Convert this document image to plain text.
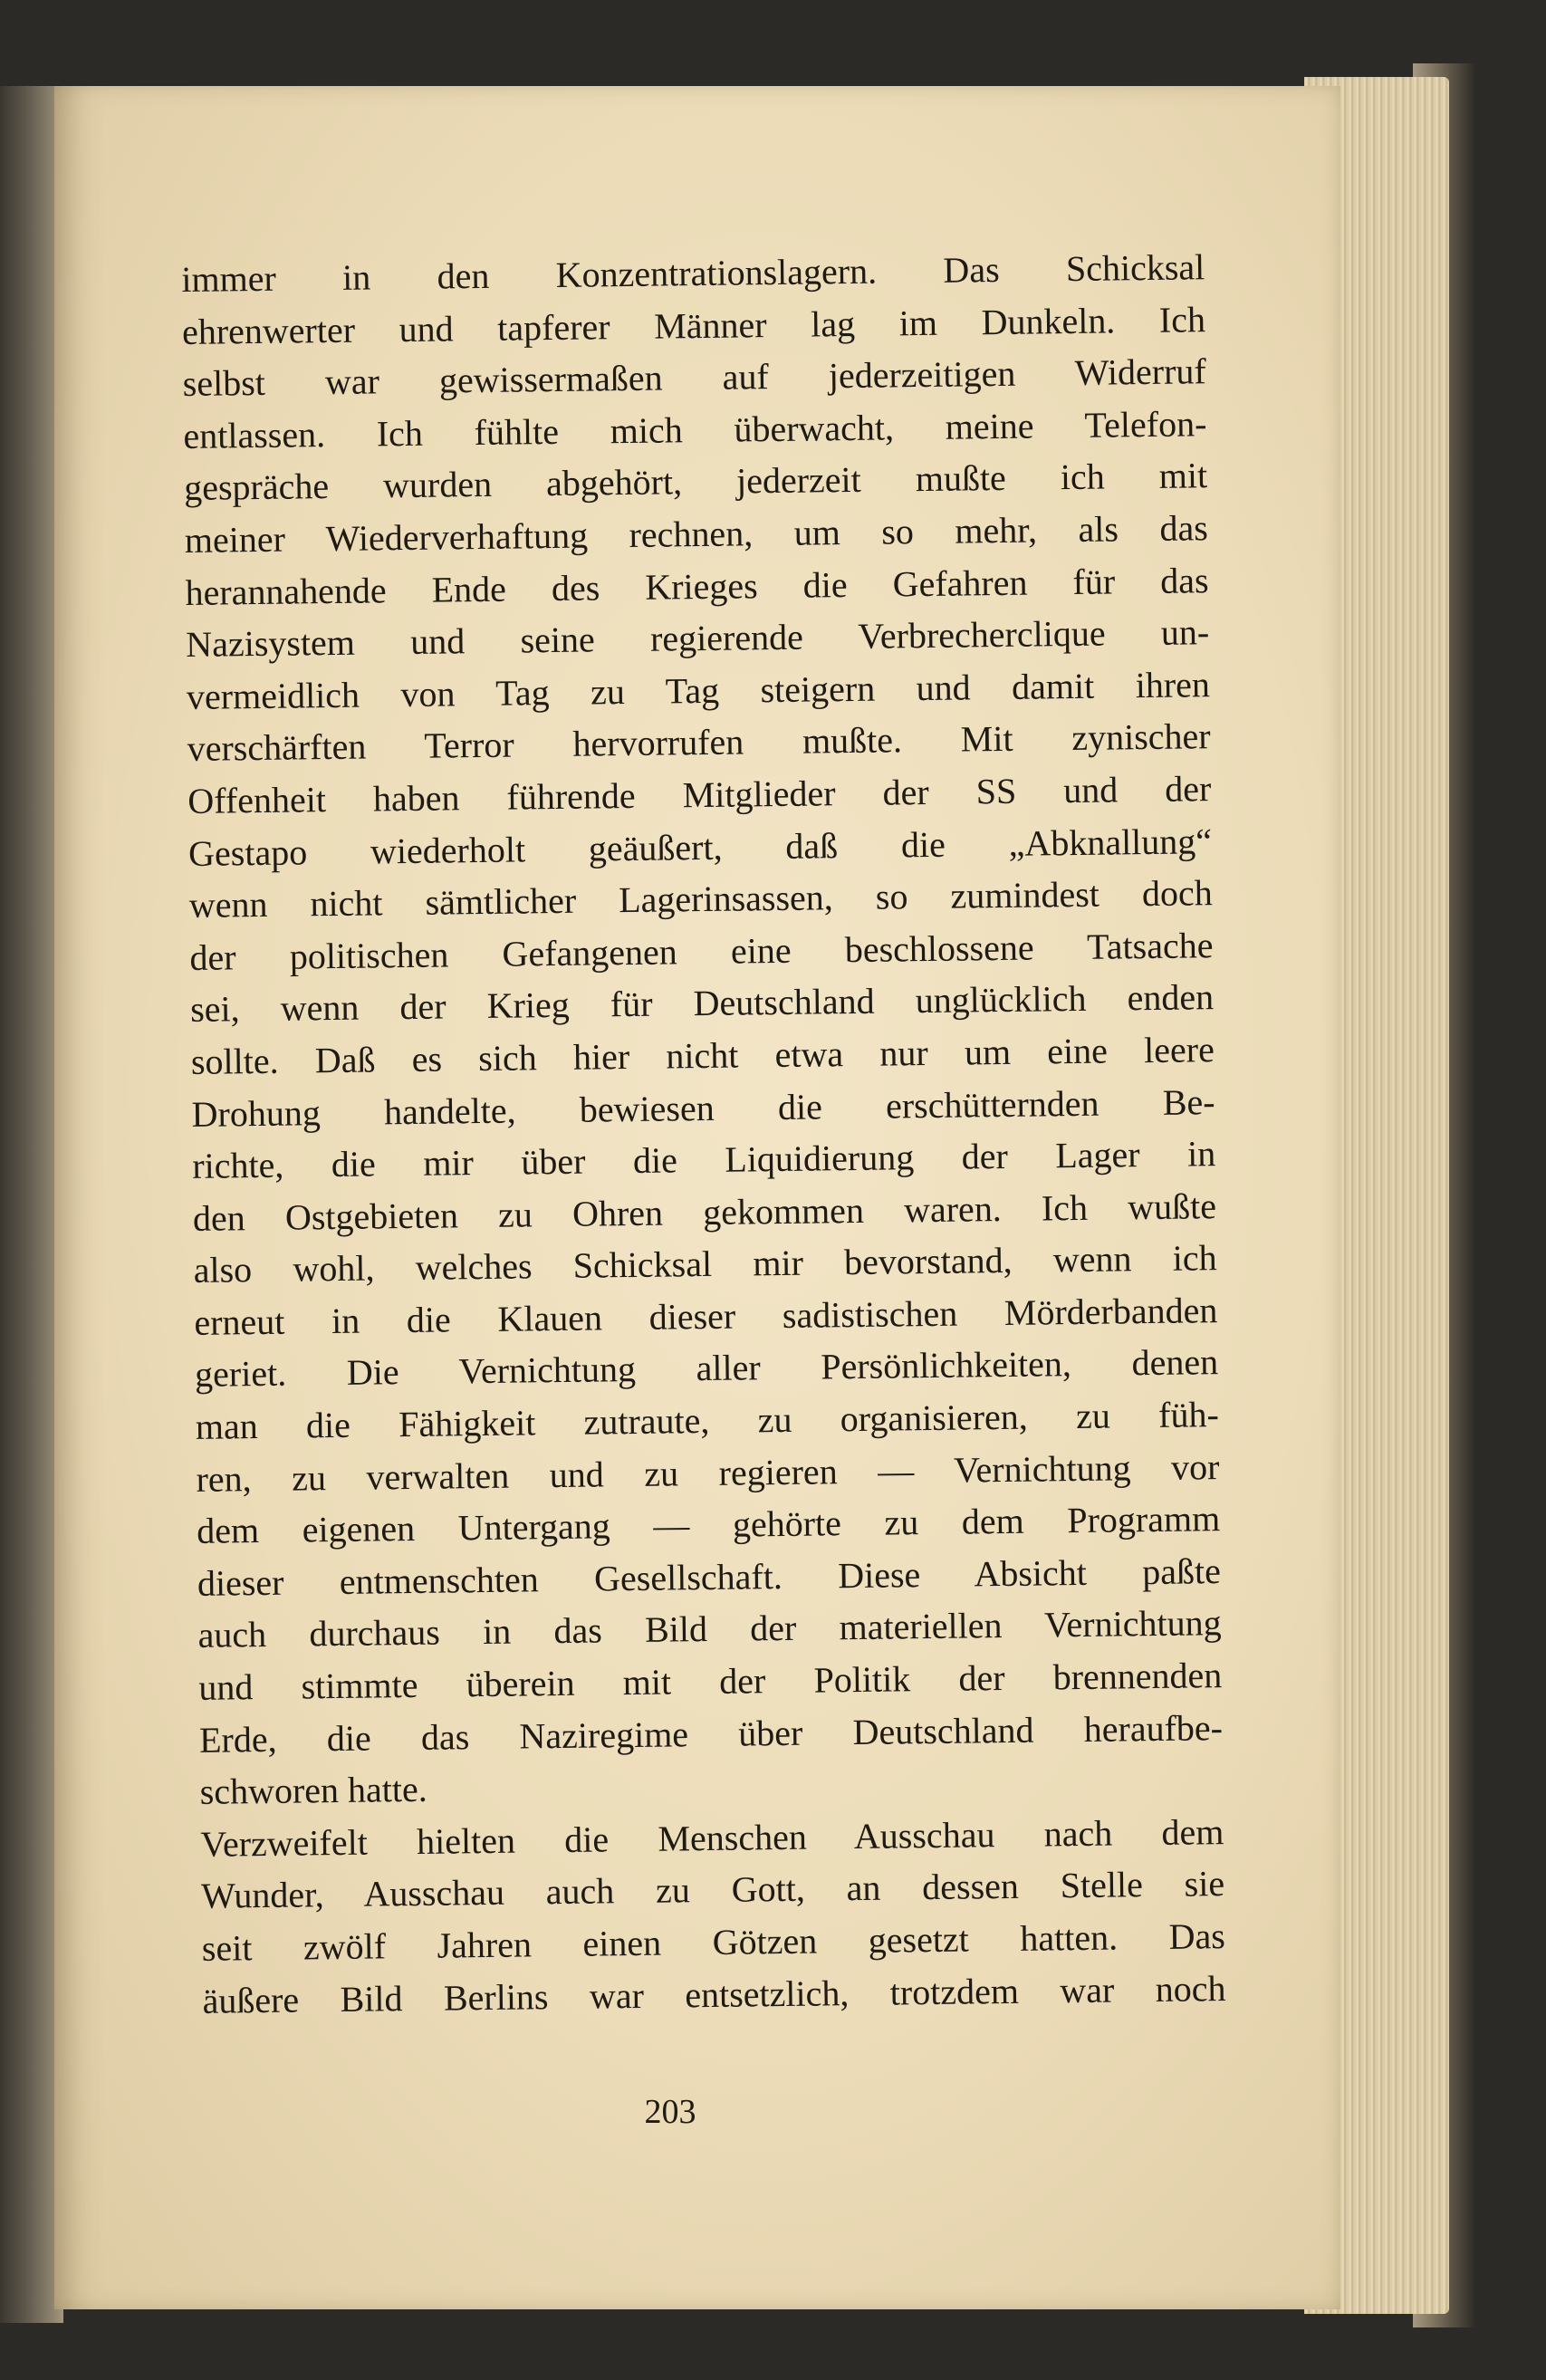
immer in den Konzentrationslagern. Das Schicksal
ehrenwerter und tapferer Männer lag im Dunkeln. Ich
selbst war gewissermaßen auf jederzeitigen Widerruf
entlassen. Ich fühlte mich überwacht, meine Telefon-
gespräche wurden abgehört, jederzeit mußte ich mit
meiner Wiederverhaftung rechnen, um so mehr, als das
herannahende Ende des Krieges die Gefahren für das
Nazisystem und seine regierende Verbrecherclique un-
vermeidlich von Tag zu Tag steigern und damit ihren
verschärften Terror hervorrufen mußte. Mit zynischer
Offenheit haben führende Mitglieder der SS und der
Gestapo wiederholt geäußert, daß die „Abknallung“
wenn nicht sämtlicher Lagerinsassen, so zumindest doch
der politischen Gefangenen eine beschlossene Tatsache
sei, wenn der Krieg für Deutschland unglücklich enden
sollte. Daß es sich hier nicht etwa nur um eine leere
Drohung handelte, bewiesen die erschütternden Be-
richte, die mir über die Liquidierung der Lager in
den Ostgebieten zu Ohren gekommen waren. Ich wußte
also wohl, welches Schicksal mir bevorstand, wenn ich
erneut in die Klauen dieser sadistischen Mörderbanden
geriet. Die Vernichtung aller Persönlichkeiten, denen
man die Fähigkeit zutraute, zu organisieren, zu füh-
ren, zu verwalten und zu regieren — Vernichtung vor
dem eigenen Untergang — gehörte zu dem Programm
dieser entmenschten Gesellschaft. Diese Absicht paßte
auch durchaus in das Bild der materiellen Vernichtung
und stimmte überein mit der Politik der brennenden
Erde, die das Naziregime über Deutschland heraufbe-
schworen hatte.
Verzweifelt hielten die Menschen Ausschau nach dem
Wunder, Ausschau auch zu Gott, an dessen Stelle sie
seit zwölf Jahren einen Götzen gesetzt hatten. Das
äußere Bild Berlins war entsetzlich, trotzdem war noch
203
